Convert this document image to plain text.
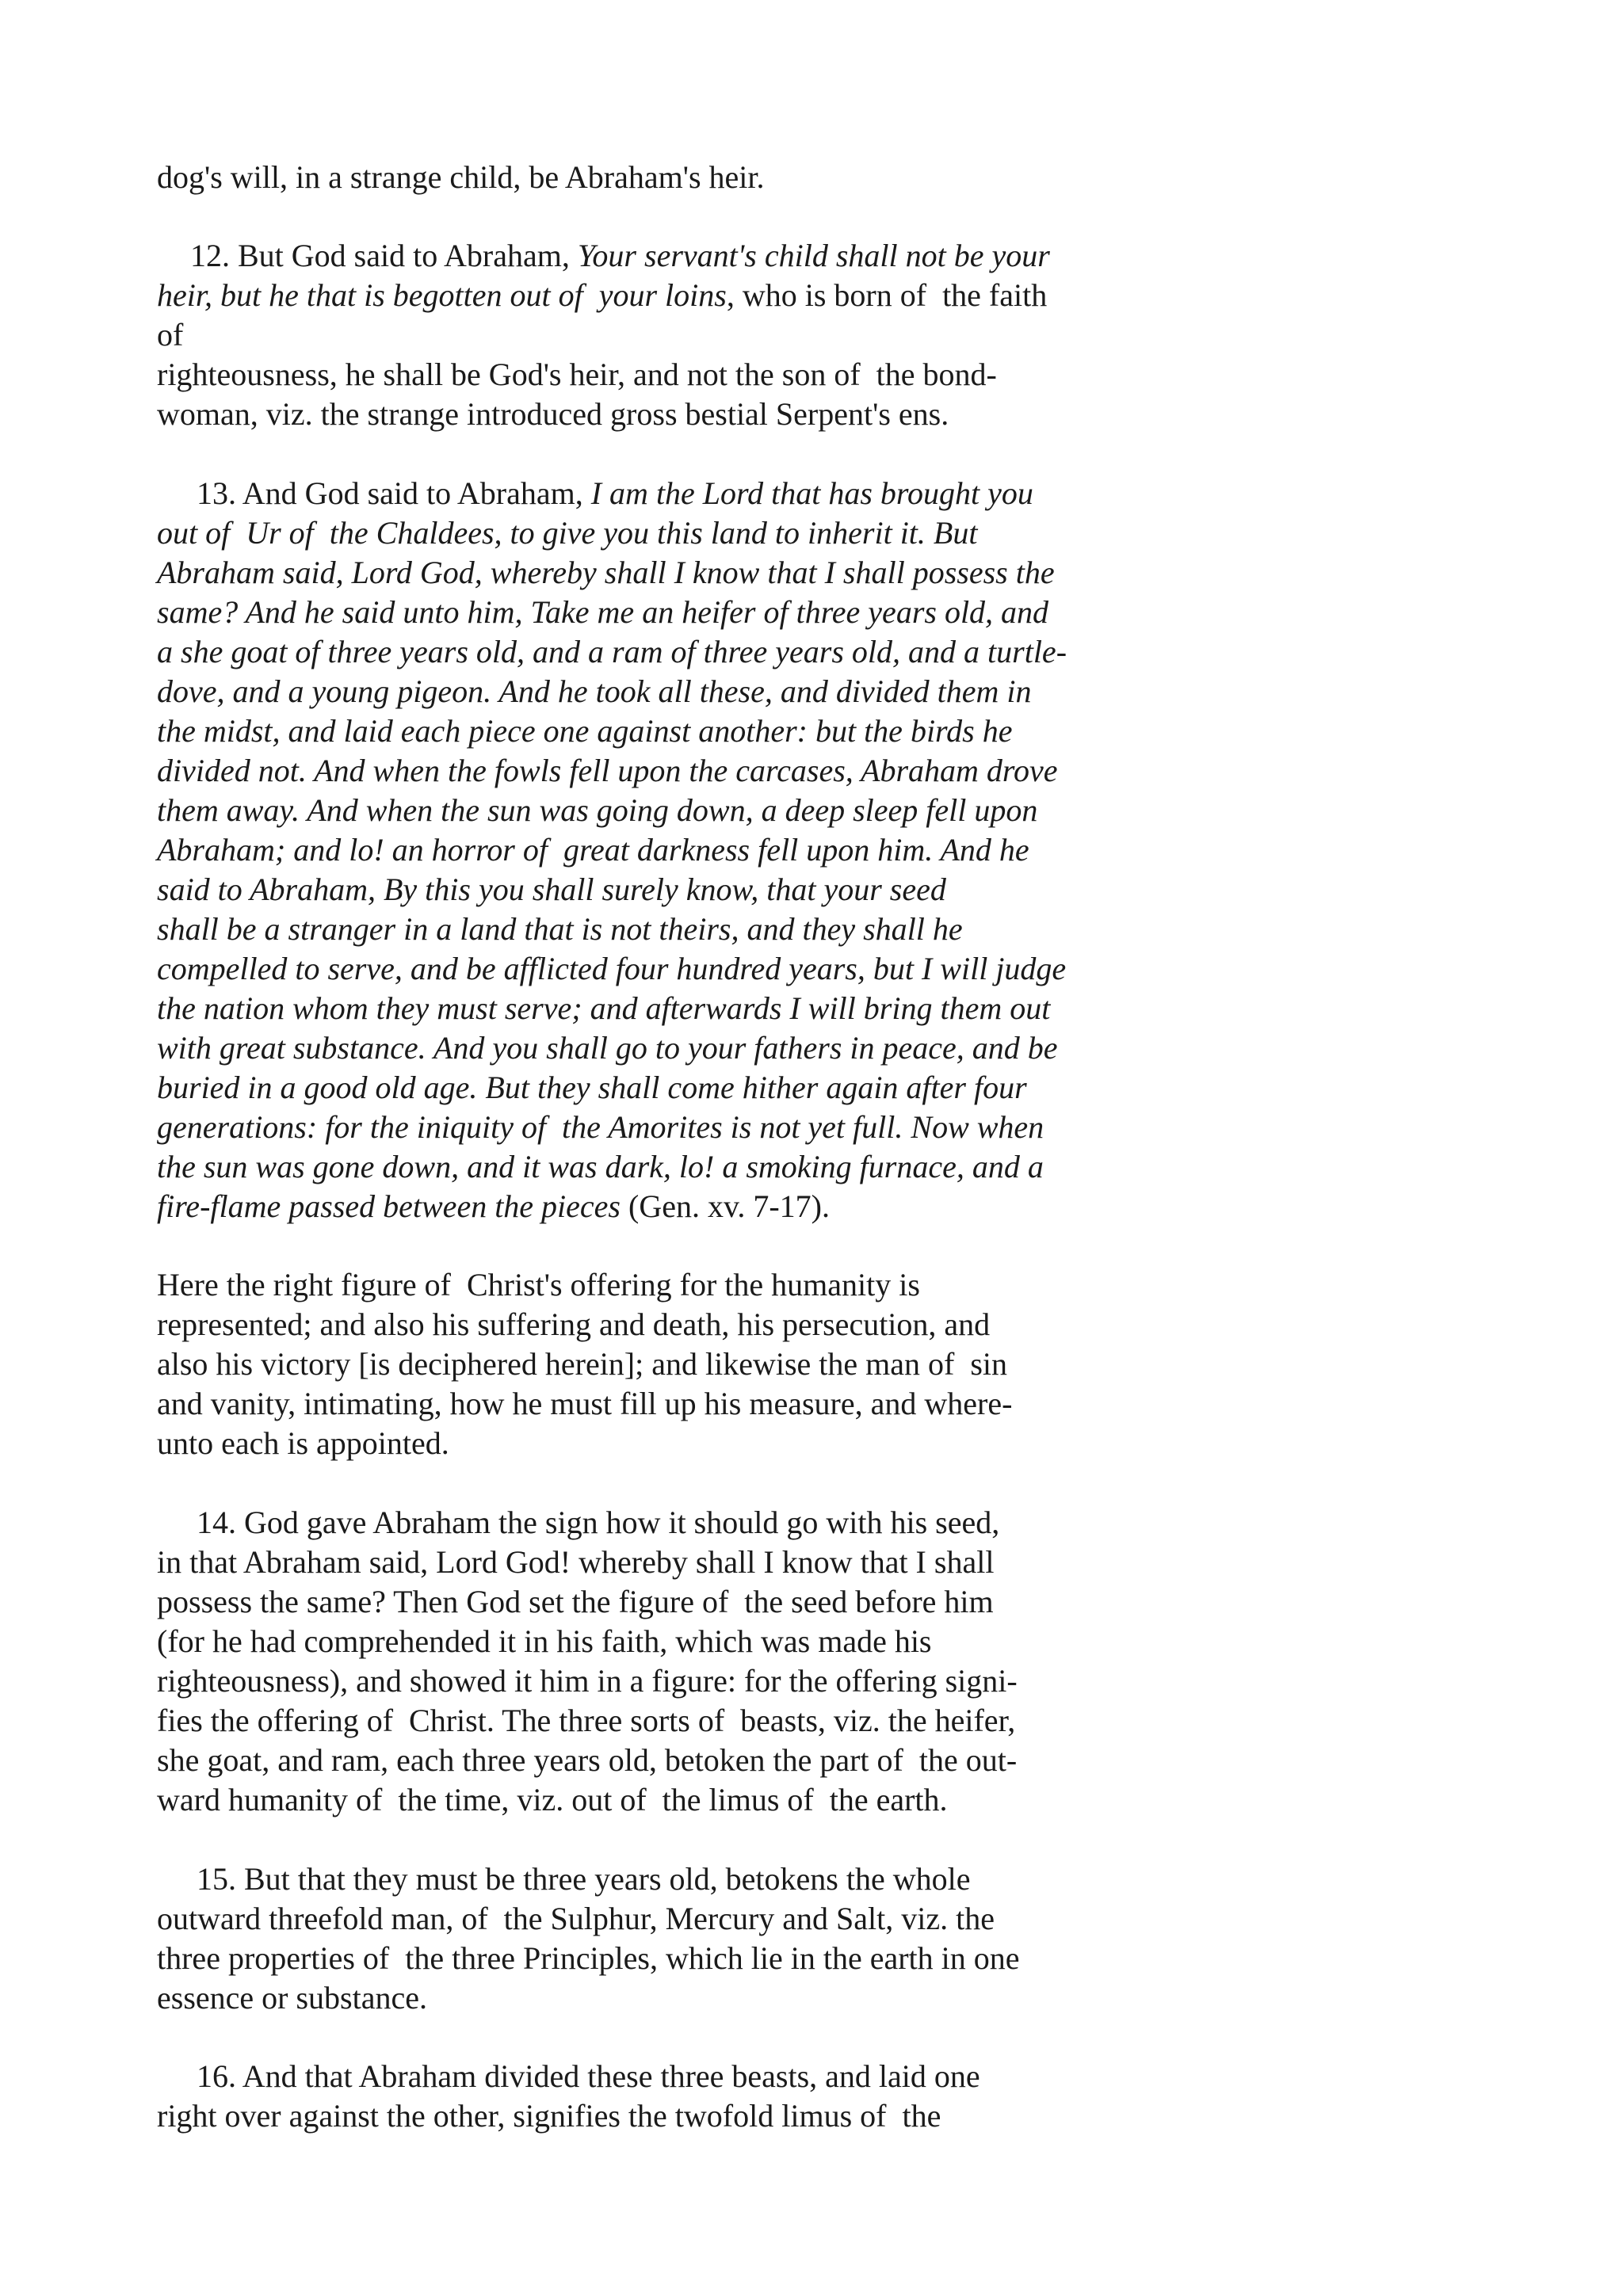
dog's will, in a strange child, be Abraham's heir.
12. But God said to Abraham, Your servant's child shall not be your
heir, but he that is begotten out of  your loins, who is born of  the faith
of
righteousness, he shall be God's heir, and not the son of  the bond-
woman, viz. the strange introduced gross bestial Serpent's ens.
13. And God said to Abraham, I am the Lord that has brought you
out of  Ur of  the Chaldees, to give you this land to inherit it. But
Abraham said, Lord God, whereby shall I know that I shall possess the
same? And he said unto him, Take me an heifer of three years old, and
a she goat of three years old, and a ram of three years old, and a turtle-
dove, and a young pigeon. And he took all these, and divided them in
the midst, and laid each piece one against another: but the birds he
divided not. And when the fowls fell upon the carcases, Abraham drove
them away. And when the sun was going down, a deep sleep fell upon
Abraham; and lo! an horror of  great darkness fell upon him. And he
said to Abraham, By this you shall surely know, that your seed
shall be a stranger in a land that is not theirs, and they shall he
compelled to serve, and be afflicted four hundred years, but I will judge
the nation whom they must serve; and afterwards I will bring them out
with great substance. And you shall go to your fathers in peace, and be
buried in a good old age. But they shall come hither again after four
generations: for the iniquity of  the Amorites is not yet full. Now when
the sun was gone down, and it was dark, lo! a smoking furnace, and a
fire-flame passed between the pieces (Gen. xv. 7-17).
Here the right figure of  Christ's offering for the humanity is
represented; and also his suffering and death, his persecution, and
also his victory [is deciphered herein]; and likewise the man of  sin
and vanity, intimating, how he must fill up his measure, and where-
unto each is appointed.
14. God gave Abraham the sign how it should go with his seed,
in that Abraham said, Lord God! whereby shall I know that I shall
possess the same? Then God set the figure of  the seed before him
(for he had comprehended it in his faith, which was made his
righteousness), and showed it him in a figure: for the offering signi-
fies the offering of  Christ. The three sorts of  beasts, viz. the heifer,
she goat, and ram, each three years old, betoken the part of  the out-
ward humanity of  the time, viz. out of  the limus of  the earth.
15. But that they must be three years old, betokens the whole
outward threefold man, of  the Sulphur, Mercury and Salt, viz. the
three properties of  the three Principles, which lie in the earth in one
essence or substance.
16. And that Abraham divided these three beasts, and laid one
right over against the other, signifies the twofold limus of  the
